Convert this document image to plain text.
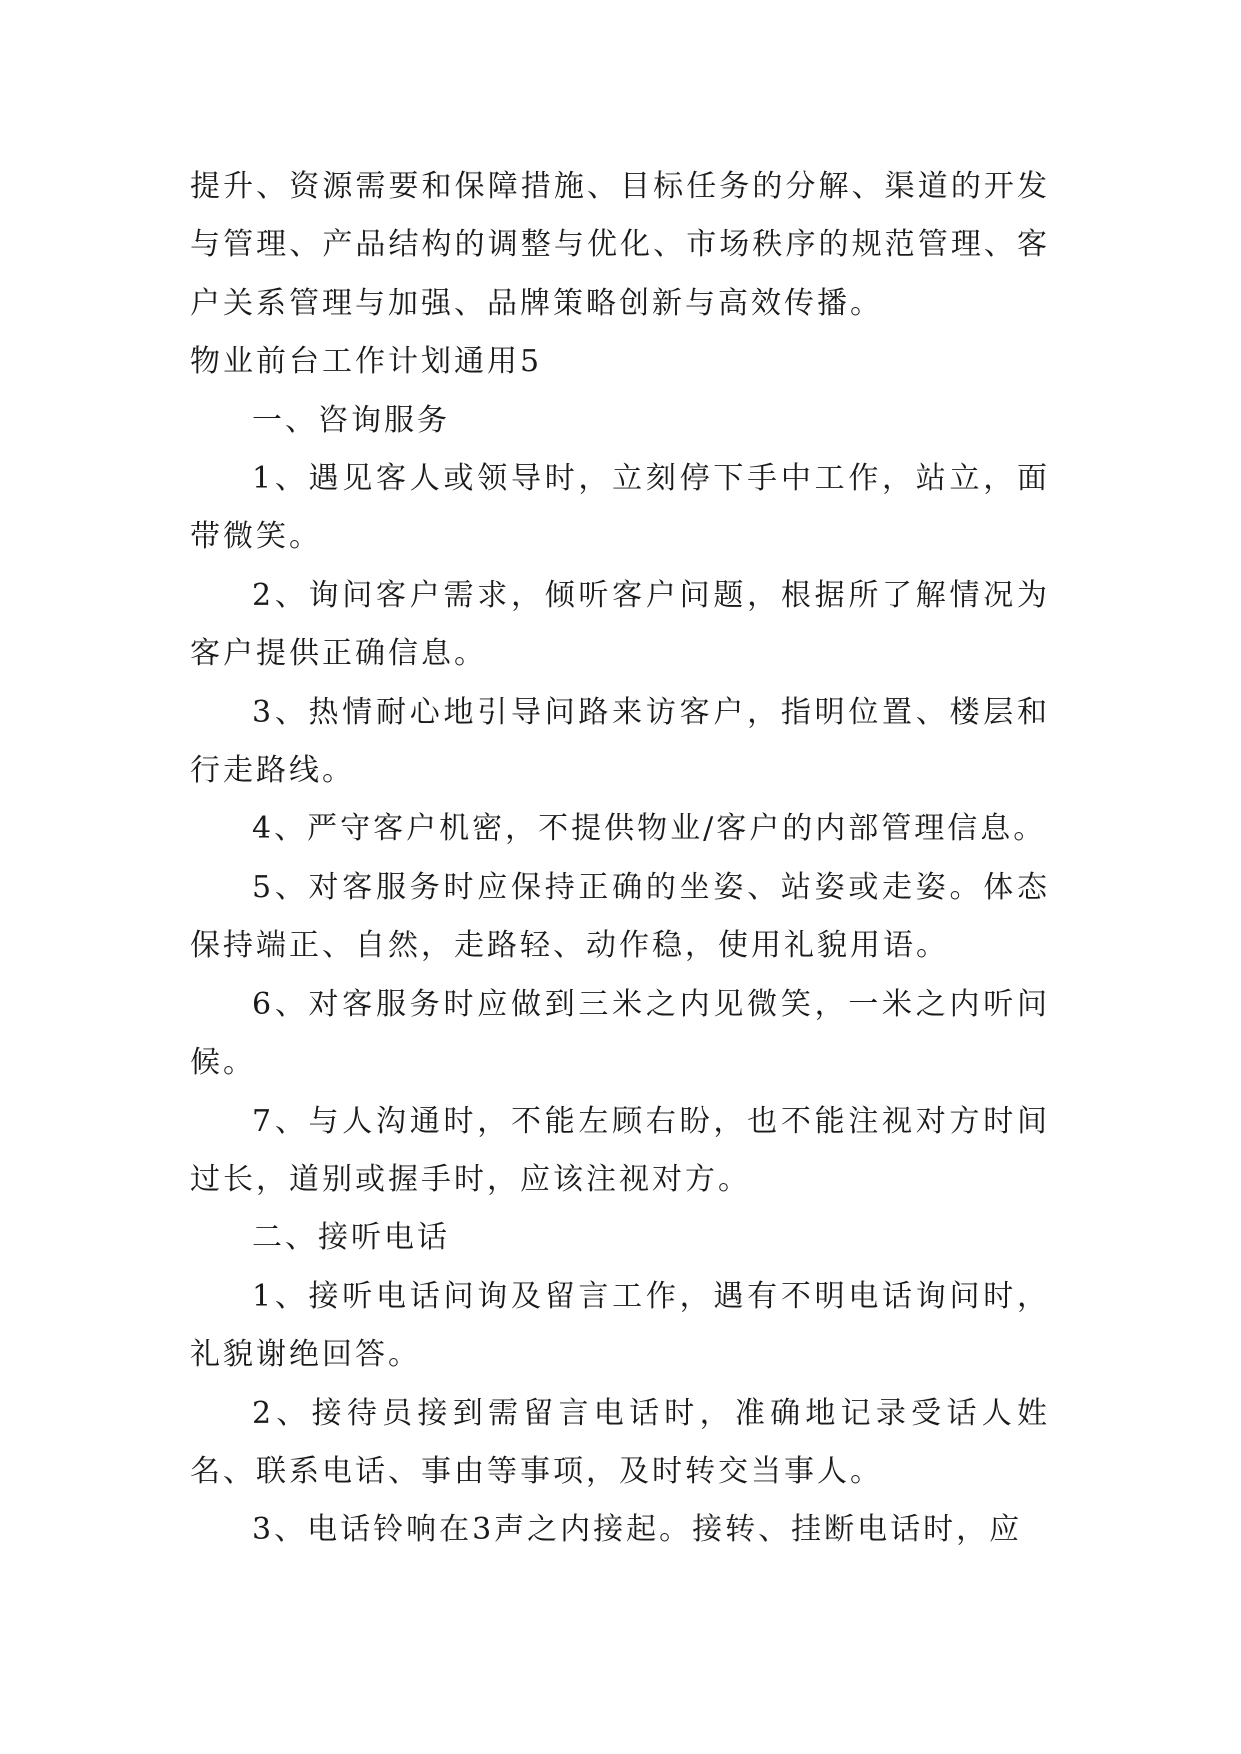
提升、资源需要和保障措施、目标任务的分解、渠道的开发与管理、产品结构的调整与优化、市场秩序的规范管理、客户关系管理与加强、品牌策略创新与高效传播。

物业前台工作计划通用5

一、咨询服务

1、遇见客人或领导时，立刻停下手中工作，站立，面带微笑。

2、询问客户需求，倾听客户问题，根据所了解情况为客户提供正确信息。

3、热情耐心地引导问路来访客户，指明位置、楼层和行走路线。

4、严守客户机密，不提供物业/客户的内部管理信息。

5、对客服务时应保持正确的坐姿、站姿或走姿。体态保持端正、自然，走路轻、动作稳，使用礼貌用语。

6、对客服务时应做到三米之内见微笑，一米之内听问候。

7、与人沟通时，不能左顾右盼，也不能注视对方时间过长，道别或握手时，应该注视对方。

二、接听电话

1、接听电话问询及留言工作，遇有不明电话询问时，礼貌谢绝回答。

2、接待员接到需留言电话时，准确地记录受话人姓名、联系电话、事由等事项，及时转交当事人。

3、电话铃响在3声之内接起。接转、挂断电话时，应
